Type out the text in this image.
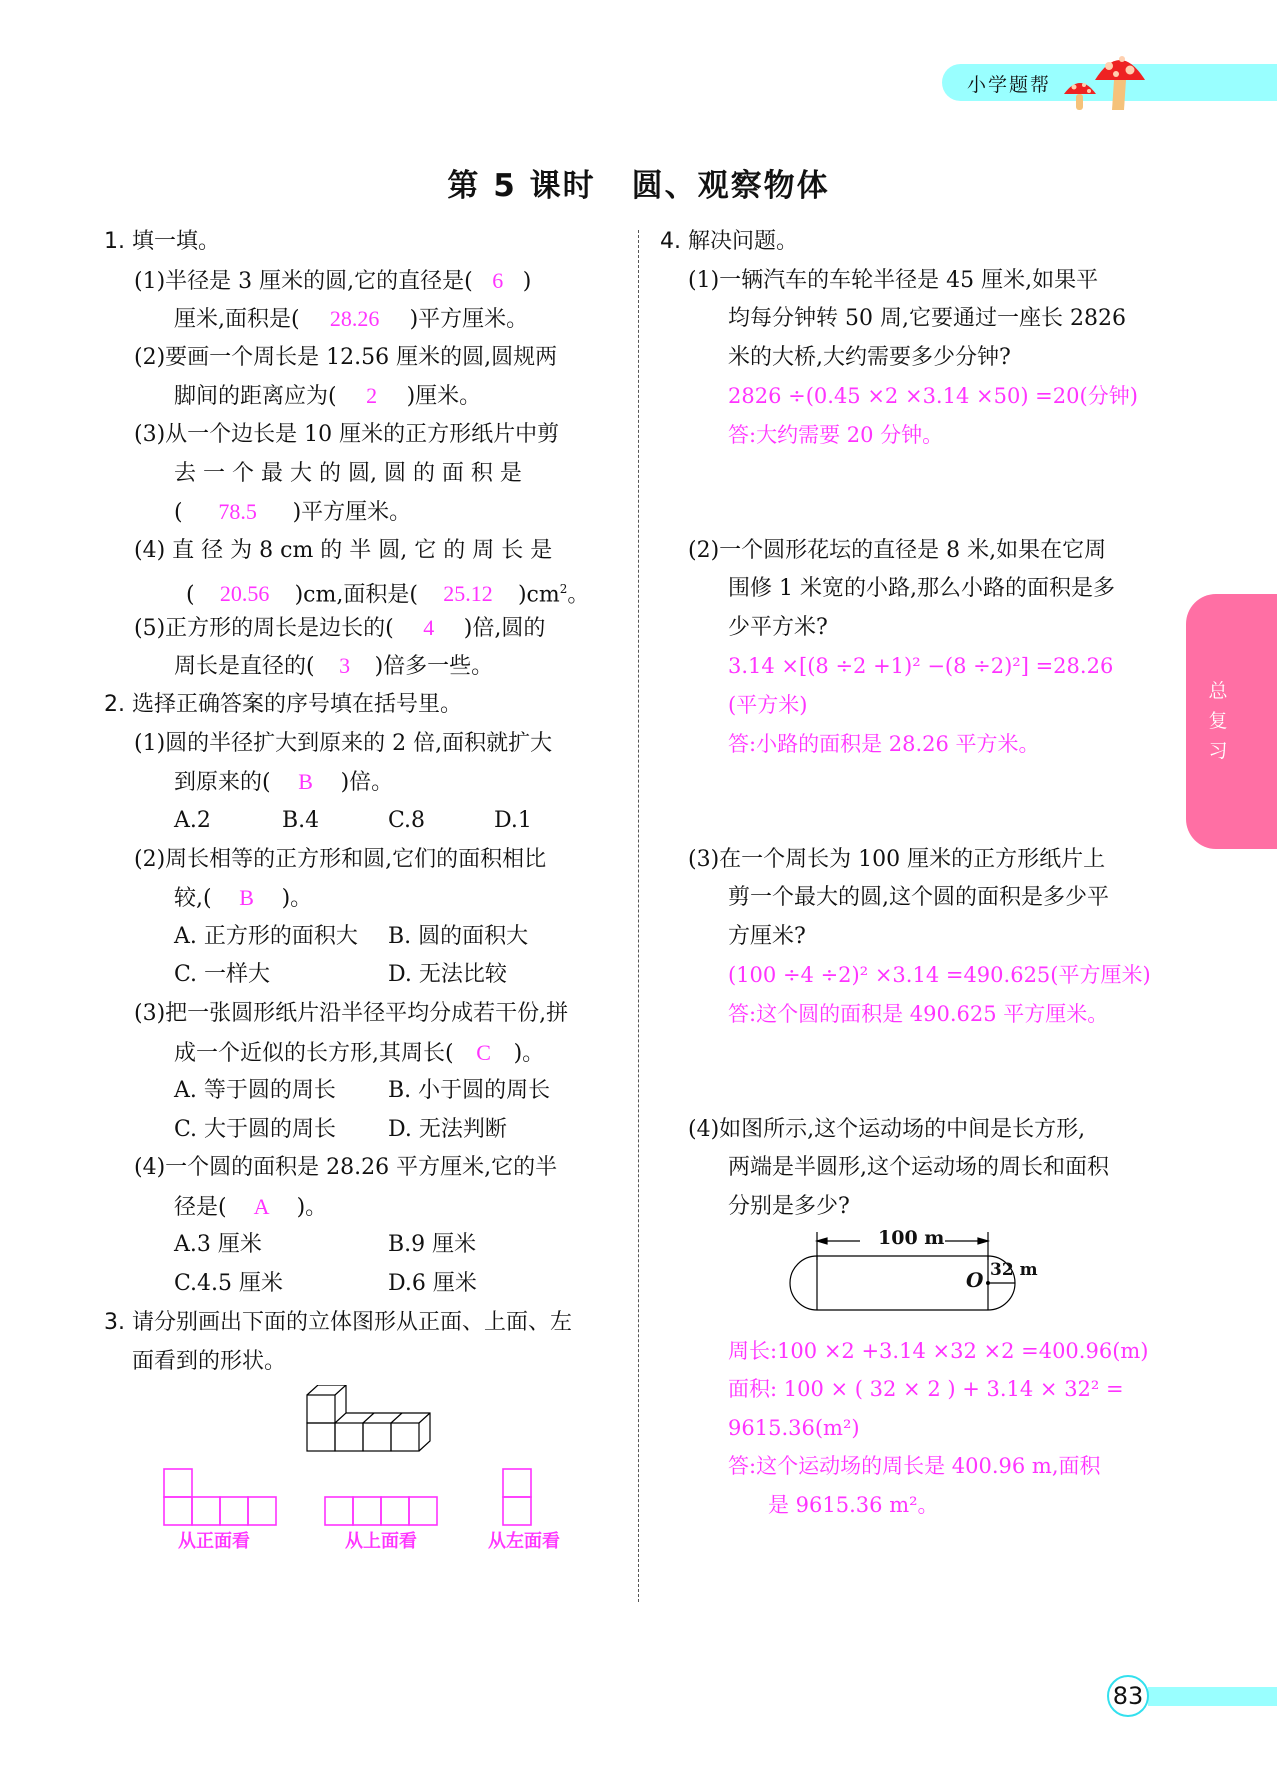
小学题帮
第 5 课时 圆、观察物体
1. 填一填。
(1)半径是 3 厘米的圆,它的直径是( 6 )
厘米,面积是( 28.26 )平方厘米。
(2)要画一个周长是 12.56 厘米的圆,圆规两
脚间的距离应为( 2 )厘米。
(3)从一个边长是 10 厘米的正方形纸片中剪
去 一 个 最 大 的 圆, 圆 的 面 积 是
( 78.5 )平方厘米。
(4) 直 径 为 8 cm 的 半 圆, 它 的 周 长 是
( 20.56 )cm,面积是( 25.12 )$cm^2$。
(5)正方形的周长是边长的( 4 )倍,圆的
周长是直径的( 3 )倍多一些。
2. 选择正确答案的序号填在括号里。
(1)圆的半径扩大到原来的 2 倍,面积就扩大
到原来的( B )倍。
A.2	B.4	C.8	D.1
(2)周长相等的正方形和圆,它们的面积相比
较,( B )。
A. 正方形的面积大 B. 圆的面积大
C. 一样大	D. 无法比较
(3)把一张圆形纸片沿半径平均分成若干份,拼
成一个近似的长方形,其周长( C )。
A. 等于圆的周长 B. 小于圆的周长
C. 大于圆的周长 D. 无法判断
(4)一个圆的面积是 28.26 平方厘米,它的半
径是( A )。
A.3 厘米	B.9 厘米
C.4.5 厘米	D.6 厘米
3. 请分别画出下面的立体图形从正面、上面、左
面看到的形状。
从正面看	从上面看	从左面看
4. 解决问题。
(1)一辆汽车的车轮半径是 45 厘米,如果平
均每分钟转 50 周,它要通过一座长 2826
米的大桥,大约需要多少分钟?
2826 ÷(0.45 ×2 ×3.14 ×50) =20(分钟)
答:大约需要 20 分钟。
(2)一个圆形花坛的直径是 8 米,如果在它周
围修 1 米宽的小路,那么小路的面积是多
少平方米?
3.14 ×[(8 ÷2 +1)² −(8 ÷2)²] =28.26
(平方米)
答:小路的面积是 28.26 平方米。
(3)在一个周长为 100 厘米的正方形纸片上
剪一个最大的圆,这个圆的面积是多少平
方厘米?
(100 ÷4 ÷2)² ×3.14 =490.625(平方厘米)
答:这个圆的面积是 490.625 平方厘米。
(4)如图所示,这个运动场的中间是长方形,
两端是半圆形,这个运动场的周长和面积
分别是多少?
100 m
O 32 m
周长:100 ×2 +3.14 ×32 ×2 =400.96(m)
面积: 100 × ( 32 × 2 ) + 3.14 × 32² =
9615.36(m²)
答:这个运动场的周长是 400.96 m,面积
是 9615.36 m²。
总
复
习
83
